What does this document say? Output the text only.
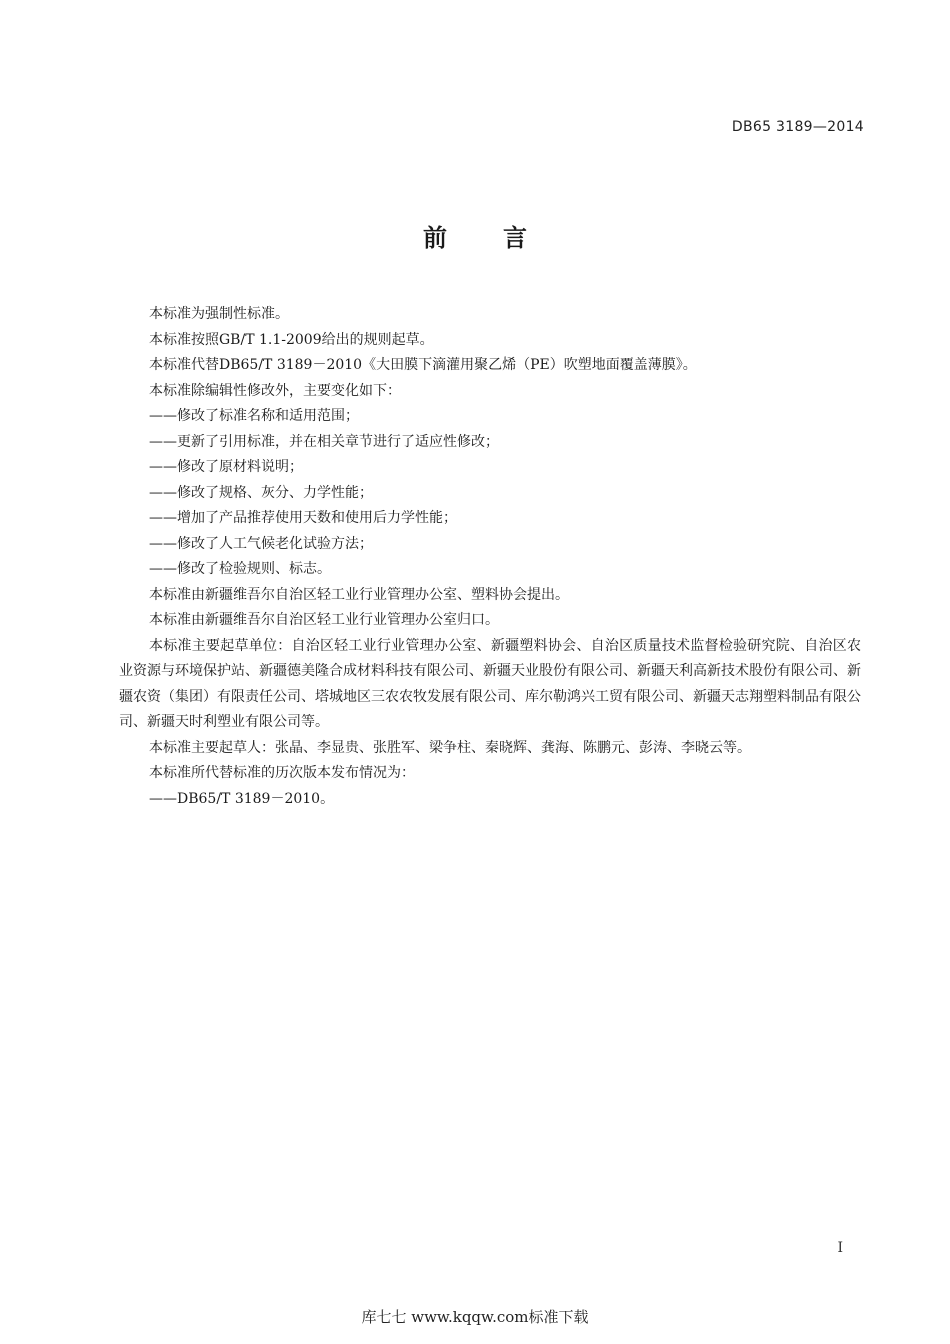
DB65 3189—2014
前 言

本标准为强制性标准。

本标准按照GB/T 1.1-2009给出的规则起草。

本标准代替DB65/T 3189－2010《大田膜下滴灌用聚乙烯（PE）吹塑地面覆盖薄膜》。

本标准除编辑性修改外，主要变化如下：

——修改了标准名称和适用范围；

——更新了引用标准，并在相关章节进行了适应性修改；

——修改了原材料说明；

——修改了规格、灰分、力学性能；

——增加了产品推荐使用天数和使用后力学性能；

——修改了人工气候老化试验方法；

——修改了检验规则、标志。

本标准由新疆维吾尔自治区轻工业行业管理办公室、塑料协会提出。

本标准由新疆维吾尔自治区轻工业行业管理办公室归口。

本标准主要起草单位：自治区轻工业行业管理办公室、新疆塑料协会、自治区质量技术监督检验研究院、自治区农业资源与环境保护站、新疆德美隆合成材料科技有限公司、新疆天业股份有限公司、新疆天利高新技术股份有限公司、新疆农资（集团）有限责任公司、塔城地区三农农牧发展有限公司、库尔勒鸿兴工贸有限公司、新疆天志翔塑料制品有限公司、新疆天时利塑业有限公司等。

本标准主要起草人：张晶、李显贵、张胜军、梁争柱、秦晓辉、龚海、陈鹏元、彭涛、李晓云等。

本标准所代替标准的历次版本发布情况为：

——DB65/T 3189－2010。

I
库七七 www.kqqw.com标准下载
